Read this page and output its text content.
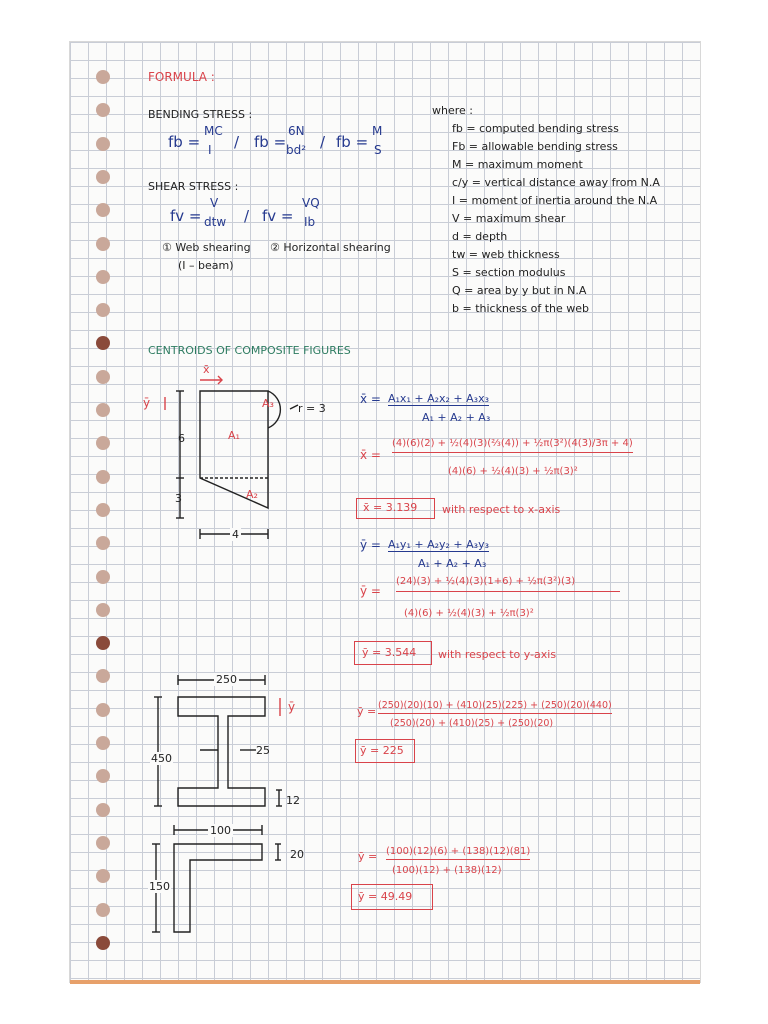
FORMULA :
BENDING STRESS :
fb =
MC
I / fb =
6N
bd² / fb =
M
S
SHEAR STRESS :
fv =
V
dtw / fv =
VQ
Ib
① Web shearing
(I – beam)
② Horizontal shearing
where :
fb = computed bending stress
Fb = allowable bending stress
M = maximum moment
c/y = vertical distance away from N.A
I = moment of inertia around the N.A
V = maximum shear
d = depth
tw = web thickness
S = section modulus
Q = area by y but in N.A
b = thickness of the web
CENTROIDS OF COMPOSITE FIGURES
x̄
ȳ
A₁
A₂
A₃ r = 3
6
3
4
x̄ = A₁x₁ + A₂x₂ + A₃x₃
A₁ + A₂ + A₃
x̄ =
(4)(6)(2) + ½(4)(3)(⅔(4)) + ½π(3²)(4(3)/3π + 4)
(4)(6) + ½(4)(3) + ½π(3)²
x̄ = 3.139 with respect to x-axis
ȳ = A₁y₁ + A₂y₂ + A₃y₃
A₁ + A₂ + A₃
ȳ =
(24)(3) + ½(4)(3)(1+6) + ½π(3²)(3)
(4)(6) + ½(4)(3) + ½π(3)²
ȳ = 3.544 with respect to y-axis
250
450
25
12
ȳ	ȳ = (250)(20)(10) + (410)(25)(225) + (250)(20)(440)
(250)(20) + (410)(25) + (250)(20)
ȳ = 225
100
150
20	ȳ = (100)(12)(6) + (138)(12)(81)
(100)(12) + (138)(12)
ȳ = 49.49
